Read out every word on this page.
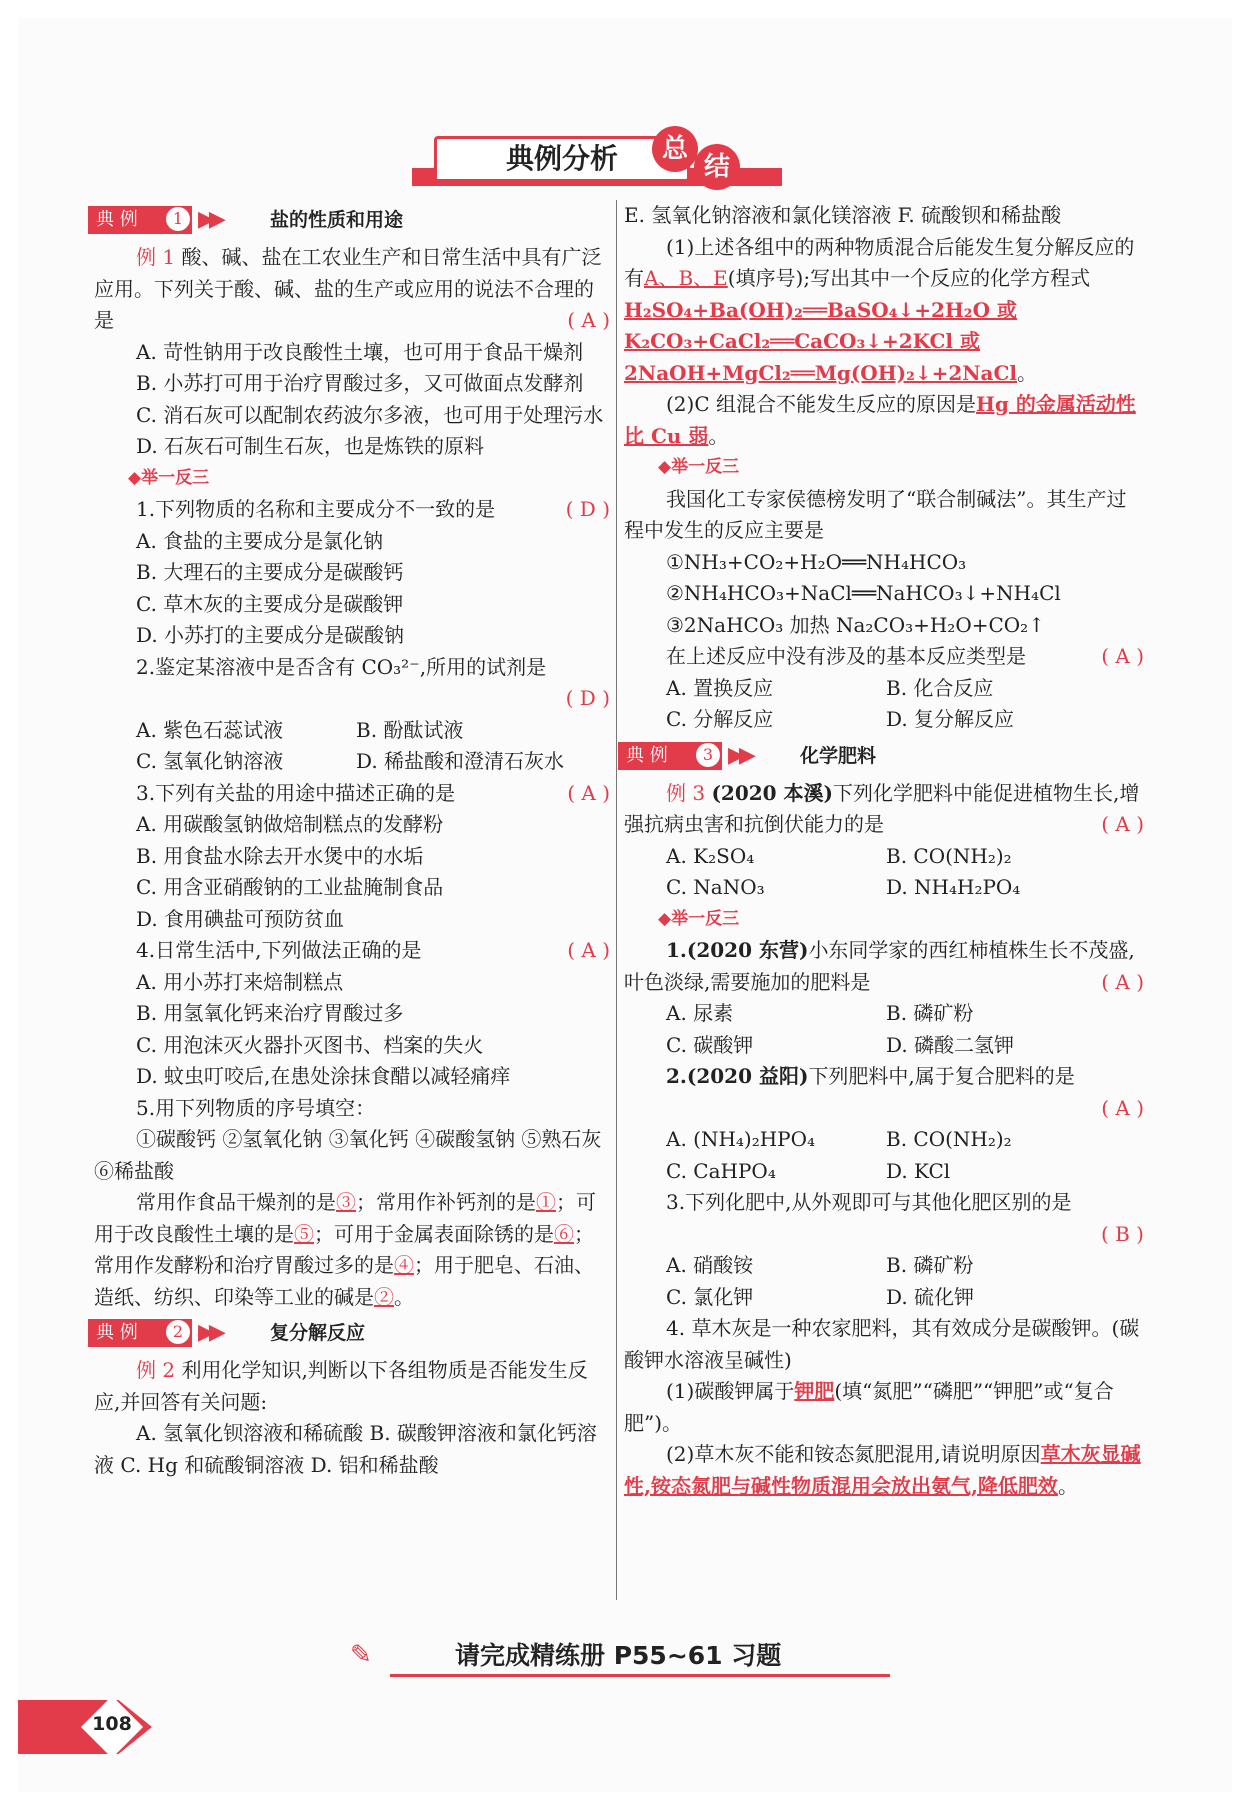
典例分析	总
结
典 例	1 ▶▶	盐的性质和用途

例 1 酸、碱、盐在工农业生产和日常生活中具有广泛应用。下列关于酸、碱、盐的生产或应用的说法不合理的是	( A )

A. 苛性钠用于改良酸性土壤，也可用于食品干燥剂

B. 小苏打可用于治疗胃酸过多，又可做面点发酵剂

C. 消石灰可以配制农药波尔多液，也可用于处理污水

D. 石灰石可制生石灰，也是炼铁的原料

◆举一反三

1.下列物质的名称和主要成分不一致的是	( D )

A. 食盐的主要成分是氯化钠

B. 大理石的主要成分是碳酸钙

C. 草木灰的主要成分是碳酸钾

D. 小苏打的主要成分是碳酸钠

2.鉴定某溶液中是否含有 CO₃²⁻,所用的试剂是

( D )

A. 紫色石蕊试液	B. 酚酞试液
C. 氢氧化钠溶液	D. 稀盐酸和澄清石灰水

3.下列有关盐的用途中描述正确的是	( A )

A. 用碳酸氢钠做焙制糕点的发酵粉

B. 用食盐水除去开水煲中的水垢

C. 用含亚硝酸钠的工业盐腌制食品

D. 食用碘盐可预防贫血

4.日常生活中,下列做法正确的是	( A )

A. 用小苏打来焙制糕点

B. 用氢氧化钙来治疗胃酸过多

C. 用泡沫灭火器扑灭图书、档案的失火

D. 蚊虫叮咬后,在患处涂抹食醋以减轻痛痒

5.用下列物质的序号填空：

①碳酸钙 ②氢氧化钠 ③氧化钙 ④碳酸氢钠 ⑤熟石灰 ⑥稀盐酸

常用作食品干燥剂的是③；常用作补钙剂的是①；可用于改良酸性土壤的是⑤；可用于金属表面除锈的是⑥；常用作发酵粉和治疗胃酸过多的是④；用于肥皂、石油、造纸、纺织、印染等工业的碱是②。

典 例	2 ▶▶	复分解反应

例 2 利用化学知识,判断以下各组物质是否能发生反应,并回答有关问题:

A. 氢氧化钡溶液和稀硫酸 B. 碳酸钾溶液和氯化钙溶液 C. Hg 和硫酸铜溶液 D. 铝和稀盐酸

E. 氢氧化钠溶液和氯化镁溶液 F. 硫酸钡和稀盐酸

(1)上述各组中的两种物质混合后能发生复分解反应的有A、B、E(填序号);写出其中一个反应的化学方程式H₂SO₄+Ba(OH)₂══BaSO₄↓+2H₂O 或 K₂CO₃+CaCl₂══CaCO₃↓+2KCl 或 2NaOH+MgCl₂══Mg(OH)₂↓+2NaCl。

(2)C 组混合不能发生反应的原因是Hg 的金属活动性比 Cu 弱。

◆举一反三

我国化工专家侯德榜发明了“联合制碱法”。其生产过程中发生的反应主要是

①NH₃+CO₂+H₂O══NH₄HCO₃

②NH₄HCO₃+NaCl══NaHCO₃↓+NH₄Cl

③2NaHCO₃ 加热 Na₂CO₃+H₂O+CO₂↑

在上述反应中没有涉及的基本反应类型是	( A )

A. 置换反应	B. 化合反应
C. 分解反应	D. 复分解反应
典 例	3 ▶▶	化学肥料

例 3 (2020 本溪)下列化学肥料中能促进植物生长,增强抗病虫害和抗倒伏能力的是	( A )

A. K₂SO₄	B. CO(NH₂)₂
C. NaNO₃	D. NH₄H₂PO₄

◆举一反三

1.(2020 东营)小东同学家的西红柿植株生长不茂盛,叶色淡绿,需要施加的肥料是	( A )

A. 尿素	B. 磷矿粉
C. 碳酸钾	D. 磷酸二氢钾

2.(2020 益阳)下列肥料中,属于复合肥料的是

( A )

A. (NH₄)₂HPO₄	B. CO(NH₂)₂
C. CaHPO₄	D. KCl

3.下列化肥中,从外观即可与其他化肥区别的是

( B )

A. 硝酸铵	B. 磷矿粉
C. 氯化钾	D. 硫化钾

4. 草木灰是一种农家肥料，其有效成分是碳酸钾。(碳酸钾水溶液呈碱性)

(1)碳酸钾属于钾肥(填“氮肥”“磷肥”“钾肥”或“复合肥”)。

(2)草木灰不能和铵态氮肥混用,请说明原因草木灰显碱性,铵态氮肥与碱性物质混用会放出氨气,降低肥效。

✎	请完成精练册 P55~61 习题
108
